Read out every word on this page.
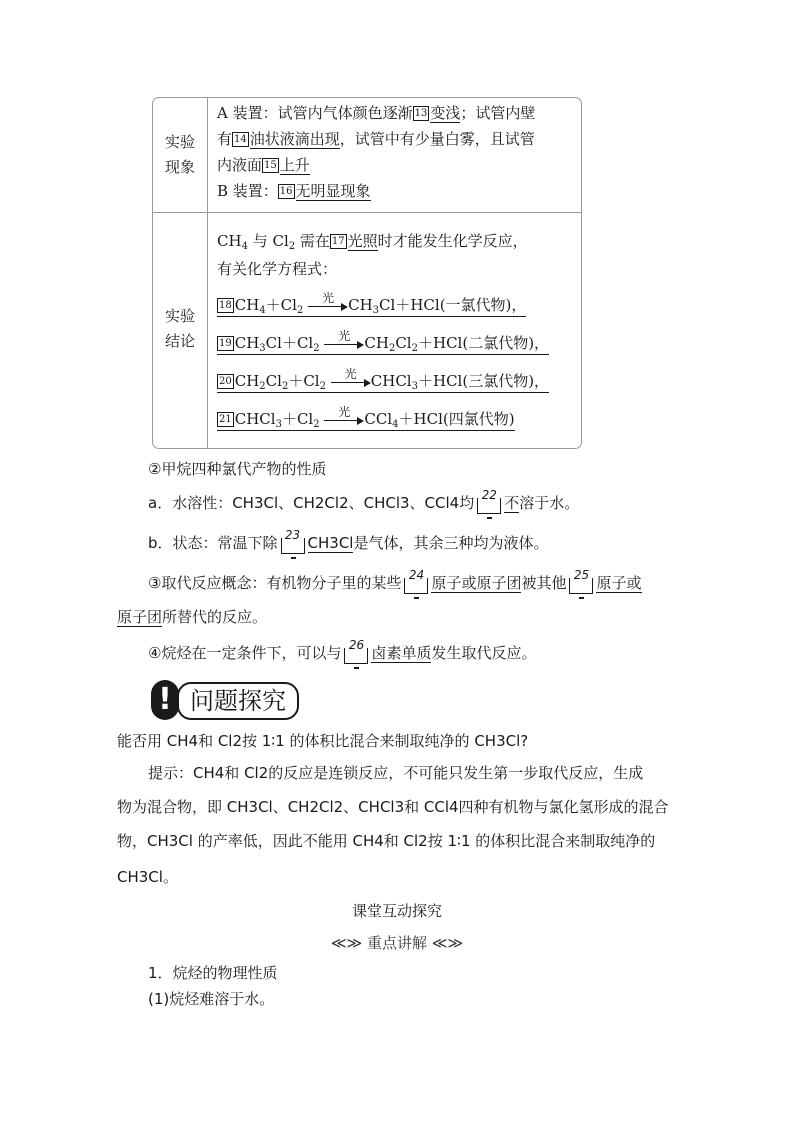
实验
现象
A 装置：试管内气体颜色逐渐 13 变浅；试管内壁
有 14 油状液滴出现，试管中有少量白雾，且试管
内液面 15 上升
B 装置： 16 无明显现象
实验
结论
$CH_4$ 与 $Cl_2$ 需在 17 光照时才能发生化学反应，
有关化学方程式：
18 $CH_4+Cl_2$
光 $CH_3Cl+HCl$(一氯代物)，
19 $CH_3Cl+Cl_2$
光 $CH_2Cl_2+HCl$(二氯代物)，
20 $CH_2Cl_2+Cl_2$
光 CHCl$_3$＋HCl(三氯代物)，
21 $CHCl_3+Cl_2$
光 CCl$_4$＋HCl(四氯代物)
②甲烷四种氯代产物的性质
a．水溶性：CH3Cl、CH2Cl2、CHCl3、CCl4均 22 不溶于水。
b．状态：常温下除 23 CH3Cl是气体，其余三种均为液体。
③取代反应概念：有机物分子里的某些 24 原子或原子团被其他 25 原子或
原子团所替代的反应。
④烷烃在一定条件下，可以与 26 卤素单质发生取代反应。
问题探究
!
能否用 CH4和 Cl2按 1∶1 的体积比混合来制取纯净的 CH3Cl?
提示：CH4和 Cl2的反应是连锁反应，不可能只发生第一步取代反应，生成
物为混合物，即 CH3Cl、CH2Cl2、CHCl3和 CCl4四种有机物与氯化氢形成的混合
物，CH3Cl 的产率低，因此不能用 CH4和 Cl2按 1∶1 的体积比混合来制取纯净的
CH3Cl。
课堂互动探究
≪≫ 重点讲解 ≪≫
1．烷烃的物理性质
(1)烷烃难溶于水。
